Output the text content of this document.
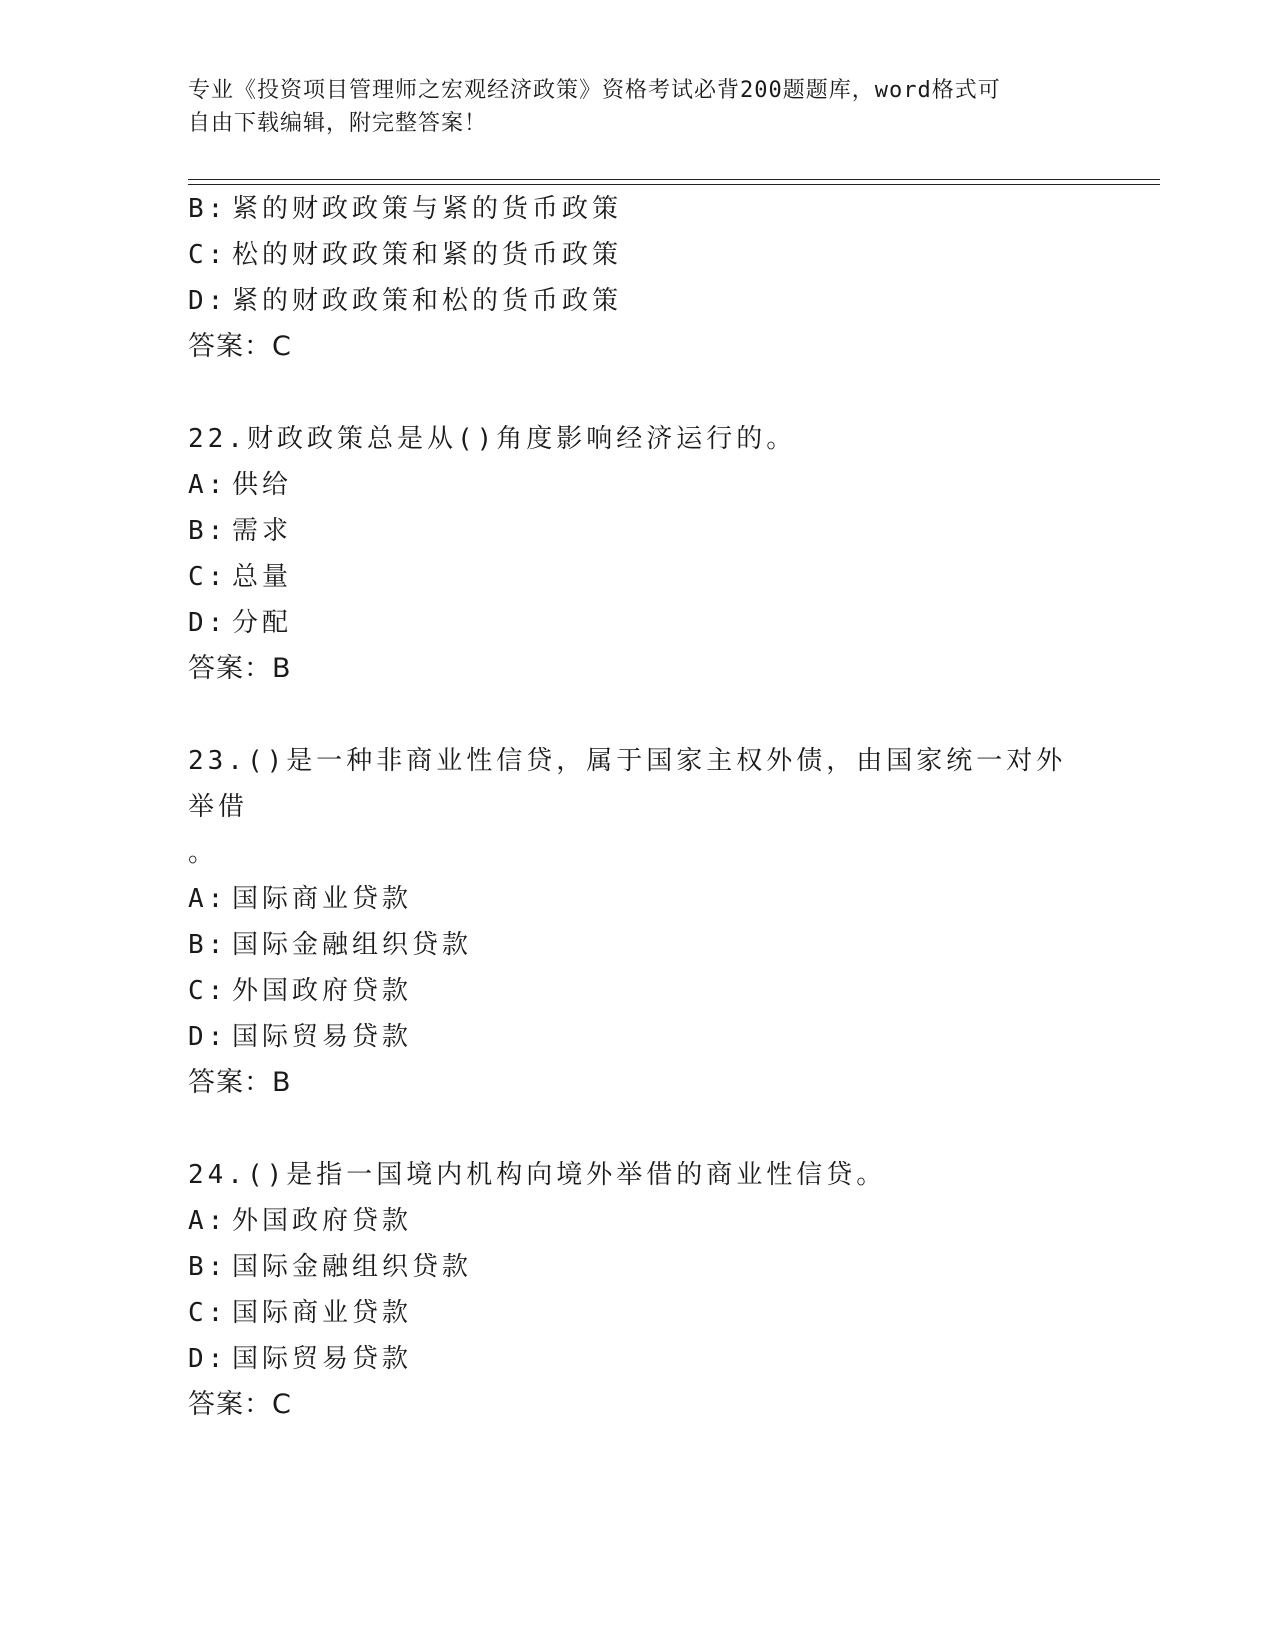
专业《投资项目管理师之宏观经济政策》资格考试必背200题题库，word格式可
自由下载编辑，附完整答案！
B: 紧的财政政策与紧的货币政策
C: 松的财政政策和紧的货币政策
D: 紧的财政政策和松的货币政策
答案：C
22.财政政策总是从()角度影响经济运行的。
A: 供给
B: 需求
C: 总量
D: 分配
答案：B
23.()是一种非商业性信贷，属于国家主权外债，由国家统一对外举借
。
A: 国际商业贷款
B: 国际金融组织贷款
C: 外国政府贷款
D: 国际贸易贷款
答案：B
24.()是指一国境内机构向境外举借的商业性信贷。
A: 外国政府贷款
B: 国际金融组织贷款
C: 国际商业贷款
D: 国际贸易贷款
答案：C
